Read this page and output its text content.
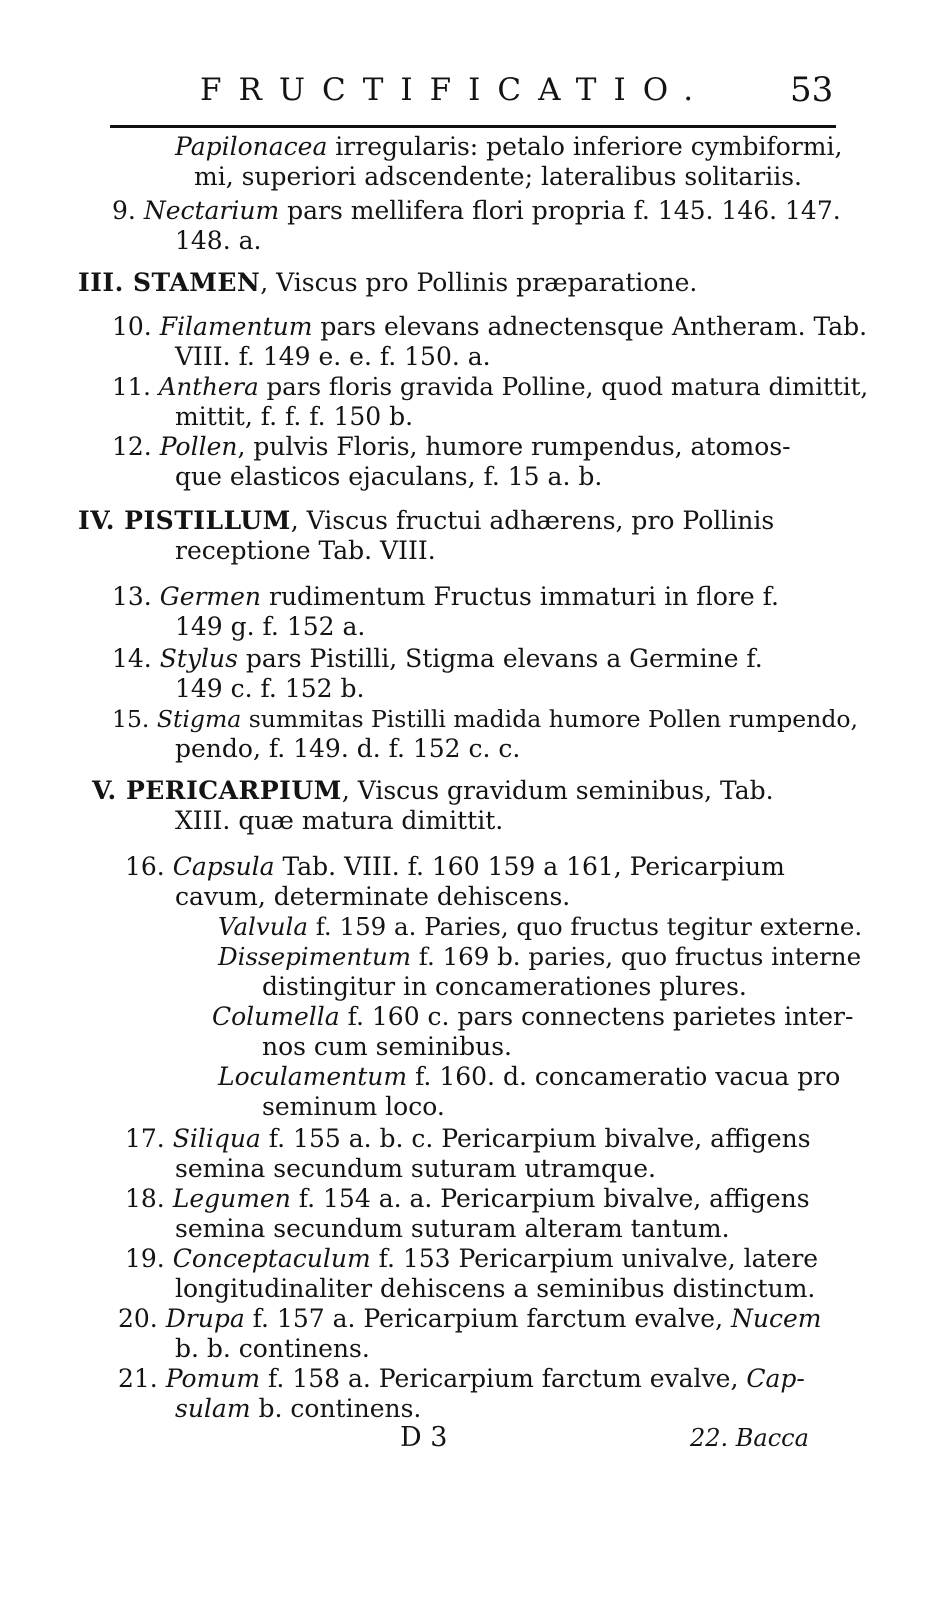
FRUCTIFICATIO. 53
Papilonacea irregularis: petalo inferiore cymbiformi,
mi, superiori adscendente; lateralibus solitariis.
9. Nectarium pars mellifera flori propria f. 145. 146. 147.
148. a.
III. STAMEN, Viscus pro Pollinis præparatione.
10. Filamentum pars elevans adnectensque Antheram. Tab.
VIII. f. 149 e. e. f. 150. a.
11. Anthera pars floris gravida Polline, quod matura dimittit,
mittit, f. f. f. 150 b.
12. Pollen, pulvis Floris, humore rumpendus, atomos-
que elasticos ejaculans, f. 15 a. b.
IV. PISTILLUM, Viscus fructui adhærens, pro Pollinis
receptione Tab. VIII.
13. Germen rudimentum Fructus immaturi in flore f.
149 g. f. 152 a.
14. Stylus pars Pistilli, Stigma elevans a Germine f.
149 c. f. 152 b.
15. Stigma summitas Pistilli madida humore Pollen rumpendo,
pendo, f. 149. d. f. 152 c. c.
V. PERICARPIUM, Viscus gravidum seminibus, Tab.
XIII. quæ matura dimittit.
16. Capsula Tab. VIII. f. 160 159 a 161, Pericarpium
cavum, determinate dehiscens.
Valvula f. 159 a. Paries, quo fructus tegitur externe.
Dissepimentum f. 169 b. paries, quo fructus interne
distingitur in concamerationes plures.
Columella f. 160 c. pars connectens parietes inter-
nos cum seminibus.
Loculamentum f. 160. d. concameratio vacua pro
seminum loco.
17. Siliqua f. 155 a. b. c. Pericarpium bivalve, affigens
semina secundum suturam utramque.
18. Legumen f. 154 a. a. Pericarpium bivalve, affigens
semina secundum suturam alteram tantum.
19. Conceptaculum f. 153 Pericarpium univalve, latere
longitudinaliter dehiscens a seminibus distinctum.
20. Drupa f. 157 a. Pericarpium farctum evalve, Nucem
b. b. continens.
21. Pomum f. 158 a. Pericarpium farctum evalve, Cap-
sulam b. continens.
D 3	22. Bacca
